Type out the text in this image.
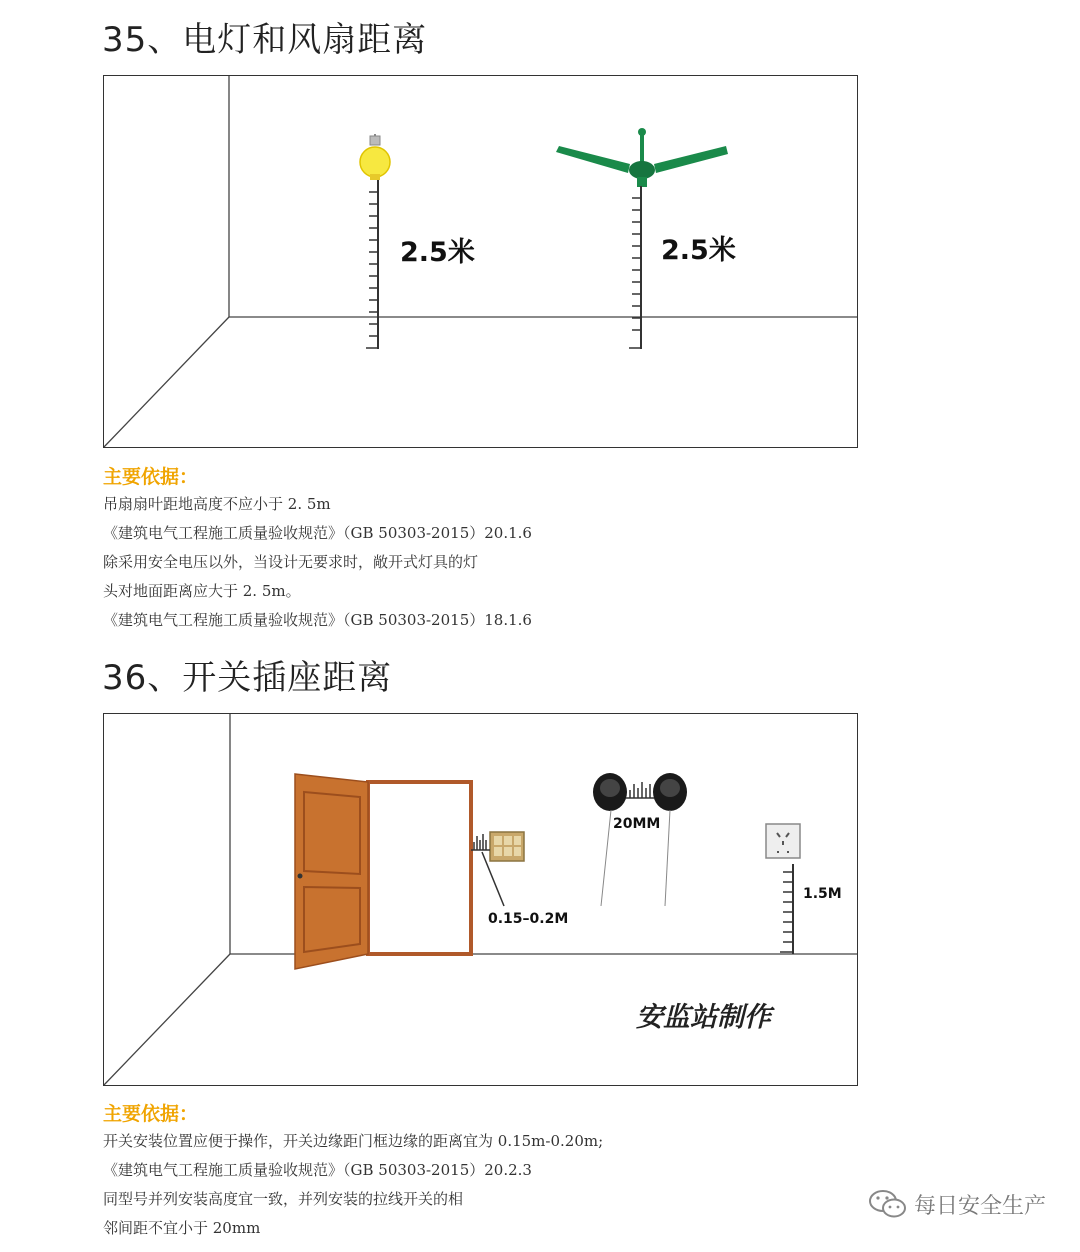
35、电灯和风扇距离
2.5米	2.5米
主要依据：
吊扇扇叶距地高度不应小于 2. 5m
《建筑电气工程施工质量验收规范》（GB 50303-2015）20.1.6
除采用安全电压以外，当设计无要求时，敞开式灯具的灯
头对地面距离应大于 2. 5m。
《建筑电气工程施工质量验收规范》（GB 50303-2015）18.1.6
36、开关插座距离
0.15–0.2M
20MM
1.5M
安监站制作
主要依据：
开关安装位置应便于操作，开关边缘距门框边缘的距离宜为 0.15m-0.20m;
《建筑电气工程施工质量验收规范》（GB 50303-2015）20.2.3
同型号并列安装高度宜一致，并列安装的拉线开关的相
邻间距不宜小于 20mm
每日安全生产
